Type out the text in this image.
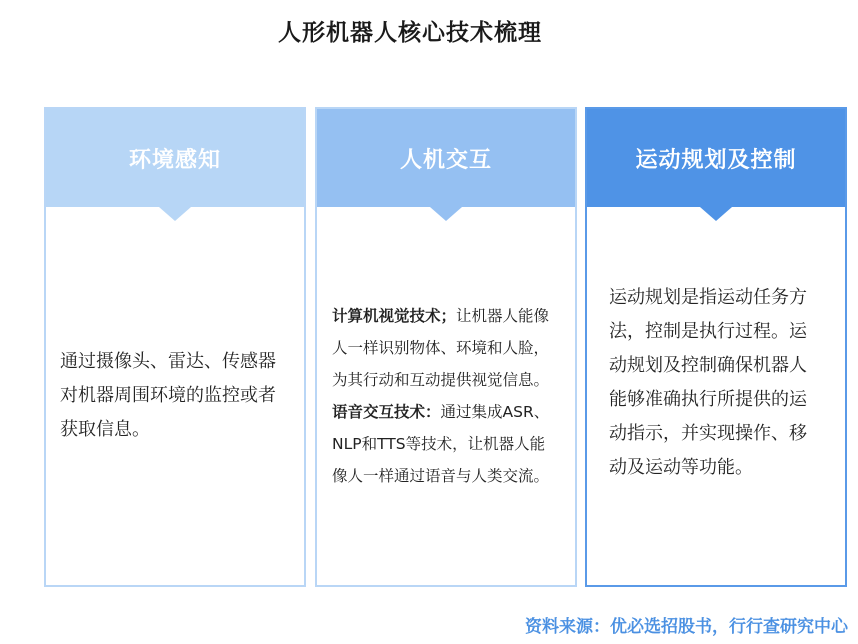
人形机器人核心技术梳理
环境感知
通过摄像头、雷达、传感器对机器周围环境的监控或者获取信息。
人机交互
计算机视觉技术；让机器人能像人一样识别物体、环境和人脸，为其行动和互动提供视觉信息。
语音交互技术：通过集成ASR、NLP和TTS等技术，让机器人能像人一样通过语音与人类交流。
运动规划及控制
运动规划是指运动任务方法，控制是执行过程。运动规划及控制确保机器人能够准确执行所提供的运动指示，并实现操作、移动及运动等功能。
资料来源：优必选招股书，行行查研究中心
